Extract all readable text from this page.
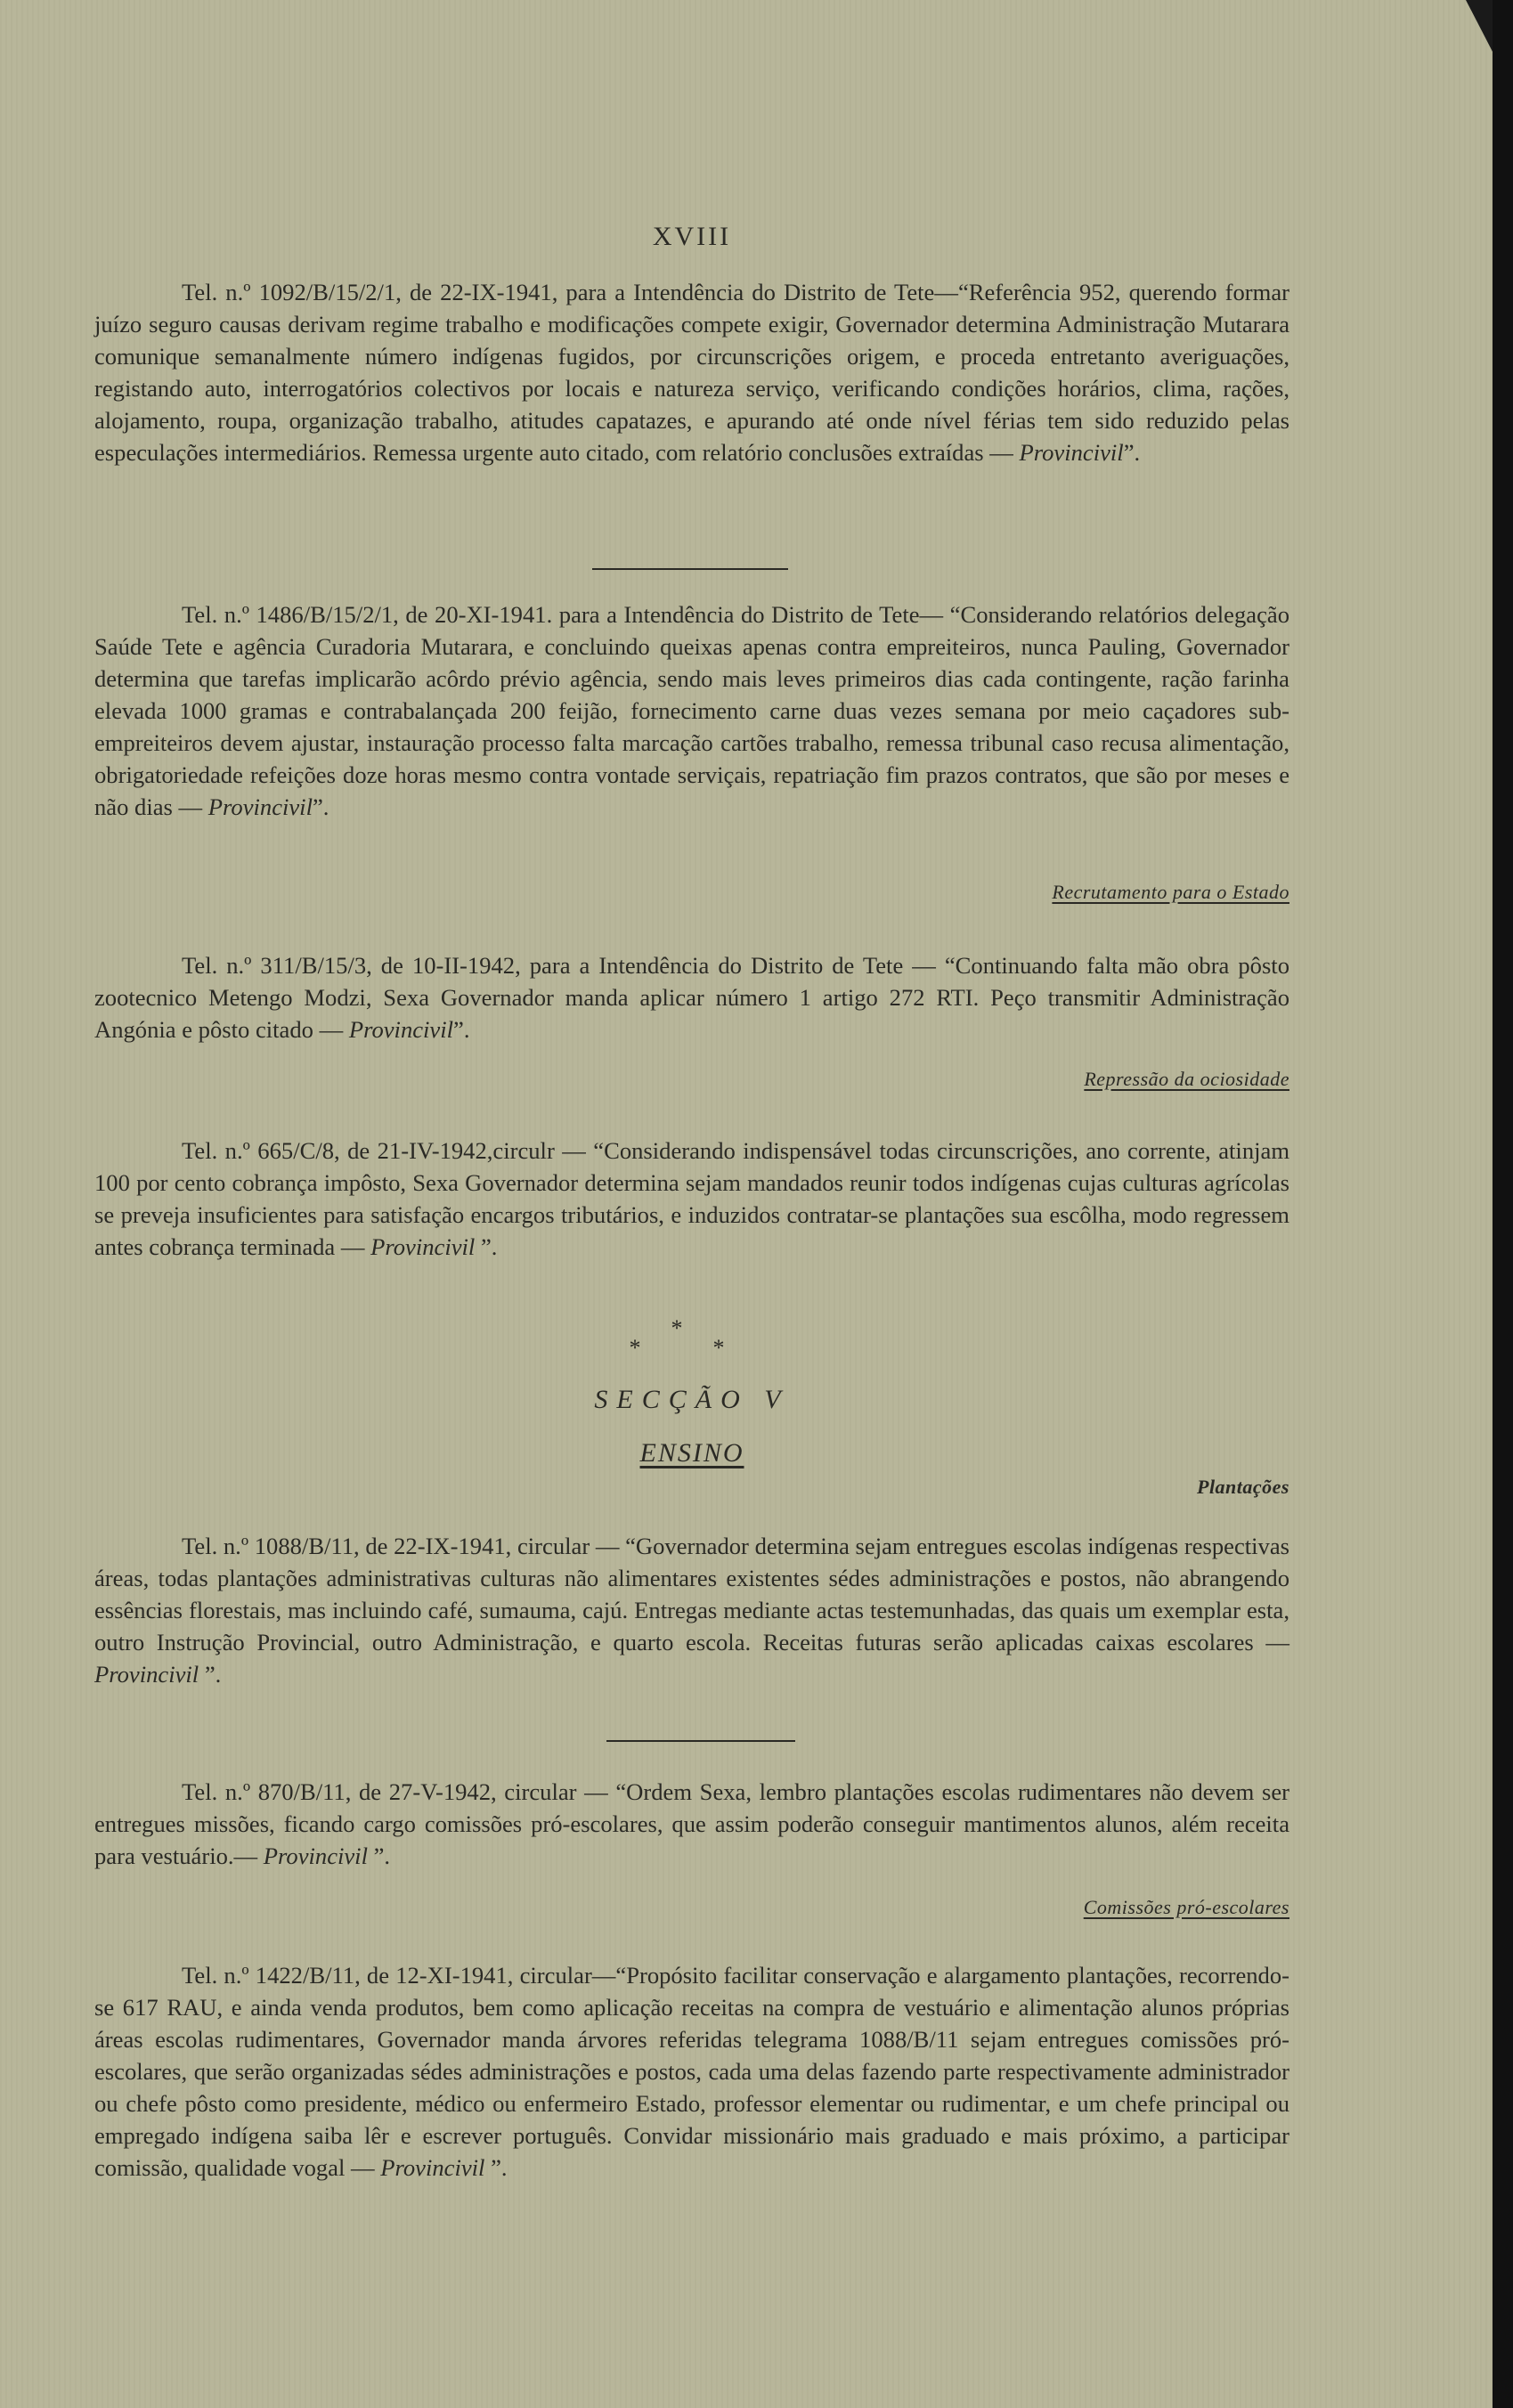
XVIII

Tel. n.º 1092/B/15/2/1, de 22-IX-1941, para a Intendência do Distrito de Tete—“Referência 952, querendo formar juízo seguro causas derivam regime trabalho e modificações compete exigir, Governador determina Administração Mutarara comunique semanalmente número indígenas fugidos, por circunscrições origem, e proceda entretanto averiguações, registando auto, interrogatórios colectivos por locais e natureza serviço, verificando condições horários, clima, rações, alojamento, roupa, organização trabalho, atitudes capatazes, e apurando até onde nível férias tem sido reduzido pelas especulações intermediários. Remessa urgente auto citado, com relatório conclusões extraídas — Provincivil”.

Tel. n.º 1486/B/15/2/1, de 20-XI-1941. para a Intendência do Distrito de Tete— “Considerando relatórios delegação Saúde Tete e agência Curadoria Mutarara, e concluindo queixas apenas contra empreiteiros, nunca Pauling, Governador determina que tarefas implicarão acôrdo prévio agência, sendo mais leves primeiros dias cada contingente, ração farinha elevada 1000 gramas e contrabalançada 200 feijão, fornecimento carne duas vezes semana por meio caçadores sub-empreiteiros devem ajustar, instauração processo falta marcação cartões trabalho, remessa tribunal caso recusa alimentação, obrigatoriedade refeições doze horas mesmo contra vontade serviçais, repatriação fim prazos contratos, que são por meses e não dias — Provincivil”.

Recrutamento para o Estado

Tel. n.º 311/B/15/3, de 10-II-1942, para a Intendência do Distrito de Tete — “Continuando falta mão obra pôsto zootecnico Metengo Modzi, Sexa Governador manda aplicar número 1 artigo 272 RTI. Peço transmitir Administração Angónia e pôsto citado — Provincivil”.

Repressão da ociosidade

Tel. n.º 665/C/8, de 21-IV-1942,circulr — “Considerando indispensável todas circunscrições, ano corrente, atinjam 100 por cento cobrança impôsto, Sexa Governador determina sejam mandados reunir todos indígenas cujas culturas agrícolas se preveja insuficientes para satisfação encargos tributários, e induzidos contratar-se plantações sua escôlha, modo regressem antes cobrança terminada — Provincivil ”.

***
SECÇÃO V
ENSINO
Plantações

Tel. n.º 1088/B/11, de 22-IX-1941, circular — “Governador determina sejam entregues escolas indígenas respectivas áreas, todas plantações administrativas culturas não alimentares existentes sédes administrações e postos, não abrangendo essências florestais, mas incluindo café, sumauma, cajú. Entregas mediante actas testemunhadas, das quais um exemplar esta, outro Instrução Provincial, outro Administração, e quarto escola. Receitas futuras serão aplicadas caixas escolares — Provincivil ”.

Tel. n.º 870/B/11, de 27-V-1942, circular — “Ordem Sexa, lembro plantações escolas rudimentares não devem ser entregues missões, ficando cargo comissões pró-escolares, que assim poderão conseguir mantimentos alunos, além receita para vestuário.— Provincivil ”.

Comissões pró-escolares

Tel. n.º 1422/B/11, de 12-XI-1941, circular—“Propósito facilitar conservação e alargamento plantações, recorrendo-se 617 RAU, e ainda venda produtos, bem como aplicação receitas na compra de vestuário e alimentação alunos próprias áreas escolas rudimentares, Governador manda árvores referidas telegrama 1088/B/11 sejam entregues comissões pró-escolares, que serão organizadas sédes administrações e postos, cada uma delas fazendo parte respectivamente administrador ou chefe pôsto como presidente, médico ou enfermeiro Estado, professor elementar ou rudimentar, e um chefe principal ou empregado indígena saiba lêr e escrever português. Convidar missionário mais graduado e mais próximo, a participar comissão, qualidade vogal — Provincivil ”.
